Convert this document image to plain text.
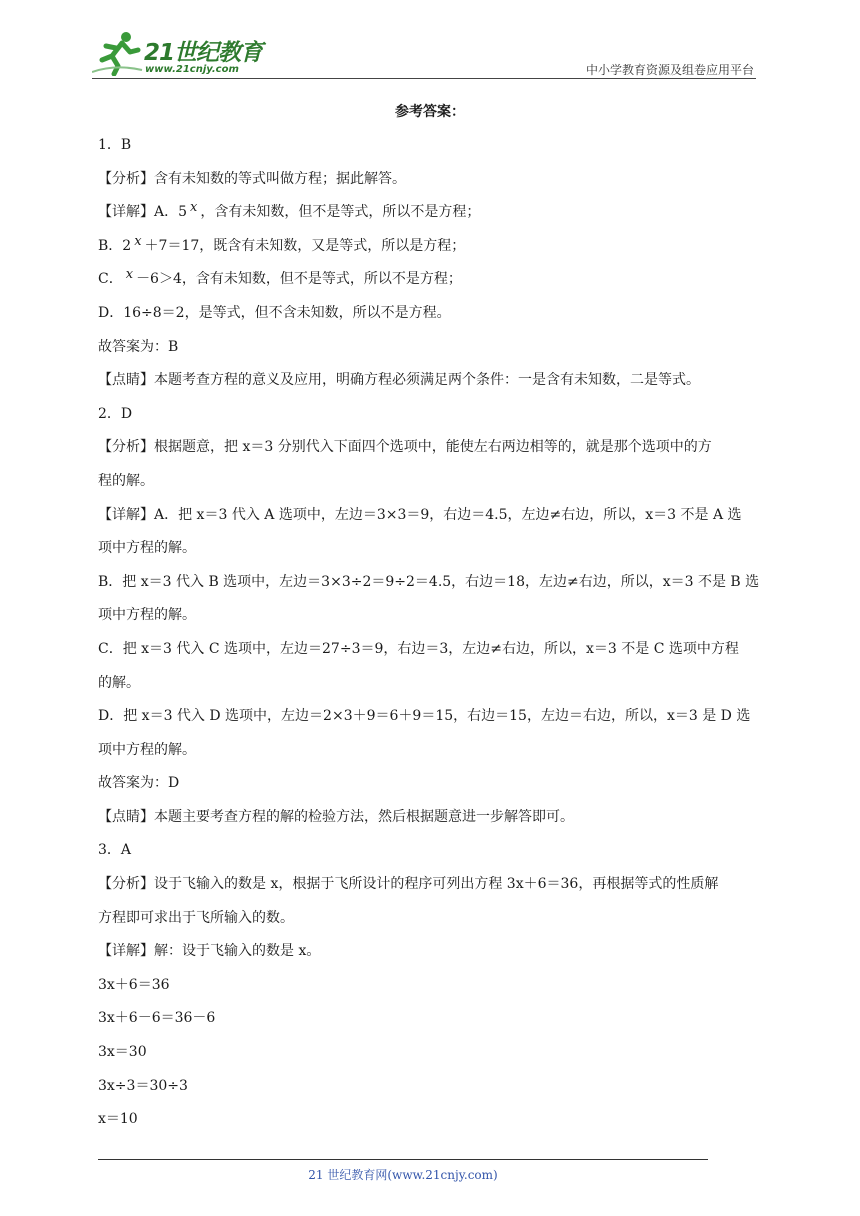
21世纪教育
www.21cnjy.com	中小学教育资源及组卷应用平台
参考答案：

1．B

【分析】含有未知数的等式叫做方程；据此解答。

【详解】A．5 x ，含有未知数，但不是等式，所以不是方程；

B．2 x ＋7＝17，既含有未知数，又是等式，所以是方程；

C． x －6＞4，含有未知数，但不是等式，所以不是方程；

D．16÷8＝2，是等式，但不含未知数，所以不是方程。

故答案为：B

【点睛】本题考查方程的意义及应用，明确方程必须满足两个条件：一是含有未知数，二是等式。

2．D

【分析】根据题意，把 x＝3 分别代入下面四个选项中，能使左右两边相等的，就是那个选项中的方

程的解。

【详解】A．把 x＝3 代入 A 选项中，左边＝3×3＝9，右边＝4.5，左边≠右边，所以，x＝3 不是 A 选

项中方程的解。

B．把 x＝3 代入 B 选项中，左边＝3×3÷2＝9÷2＝4.5，右边＝18，左边≠右边，所以，x＝3 不是 B 选

项中方程的解。

C．把 x＝3 代入 C 选项中，左边＝27÷3＝9，右边＝3，左边≠右边，所以，x＝3 不是 C 选项中方程

的解。

D．把 x＝3 代入 D 选项中，左边＝2×3＋9＝6＋9＝15，右边＝15，左边＝右边，所以，x＝3 是 D 选

项中方程的解。

故答案为：D

【点睛】本题主要考查方程的解的检验方法，然后根据题意进一步解答即可。

3．A

【分析】设于飞输入的数是 x，根据于飞所设计的程序可列出方程 3x＋6＝36，再根据等式的性质解

方程即可求出于飞所输入的数。

【详解】解：设于飞输入的数是 x。

3x＋6＝36

3x＋6－6＝36－6

3x＝30

3x÷3＝30÷3

x＝10

21 世纪教育网(www.21cnjy.com)
